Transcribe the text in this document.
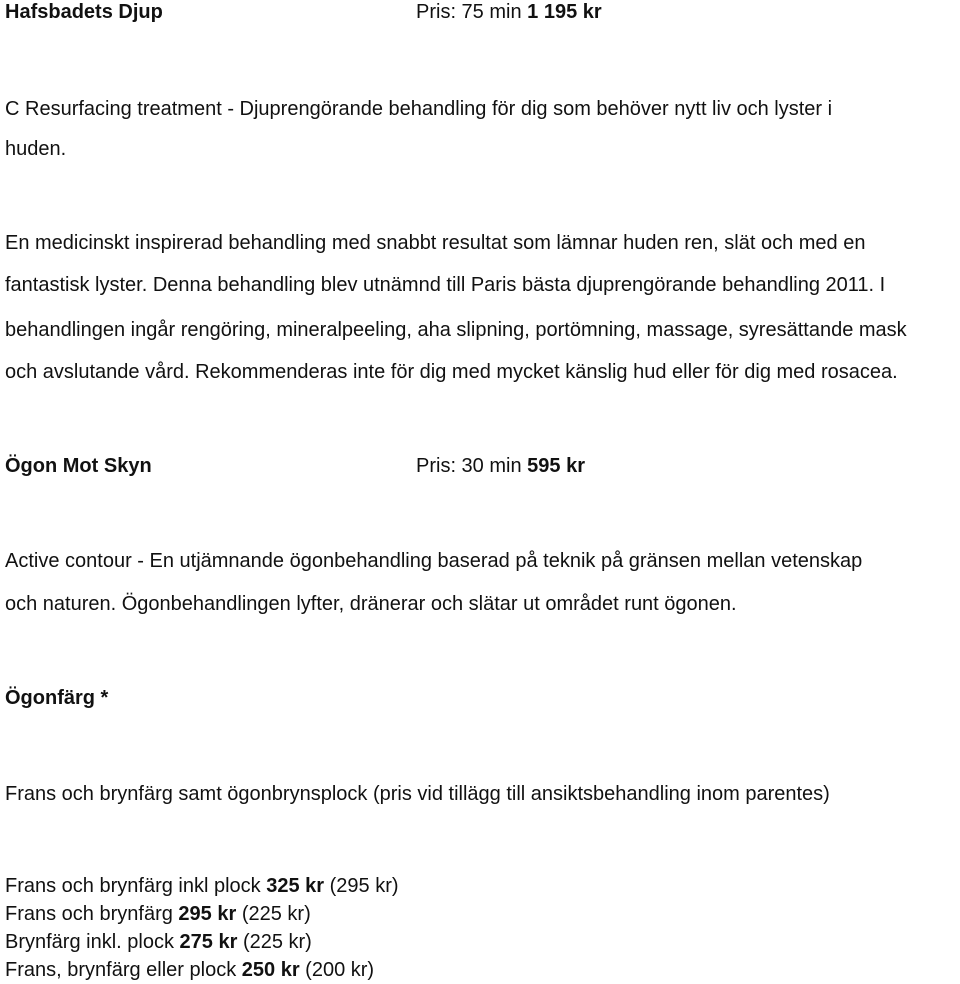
Hafsbadets Djup	Pris: 75 min 1 195 kr
C Resurfacing treatment - Djuprengörande behandling för dig som behöver nytt liv och lyster i
huden.
En medicinskt inspirerad behandling med snabbt resultat som lämnar huden ren, slät och med en
fantastisk lyster. Denna behandling blev utnämnd till Paris bästa djuprengörande behandling 2011. I
behandlingen ingår rengöring, mineralpeeling, aha slipning, portömning, massage, syresättande mask
och avslutande vård. Rekommenderas inte för dig med mycket känslig hud eller för dig med rosacea.
Ögon Mot Skyn	Pris: 30 min 595 kr
Active contour - En utjämnande ögonbehandling baserad på teknik på gränsen mellan vetenskap
och naturen. Ögonbehandlingen lyfter, dränerar och slätar ut området runt ögonen.
Ögonfärg *
Frans och brynfärg samt ögonbrynsplock (pris vid tillägg till ansiktsbehandling inom parentes)
Frans och brynfärg inkl plock 325 kr (295 kr)
Frans och brynfärg 295 kr (225 kr)
Brynfärg inkl. plock 275 kr (225 kr)
Frans, brynfärg eller plock 250 kr (200 kr)
